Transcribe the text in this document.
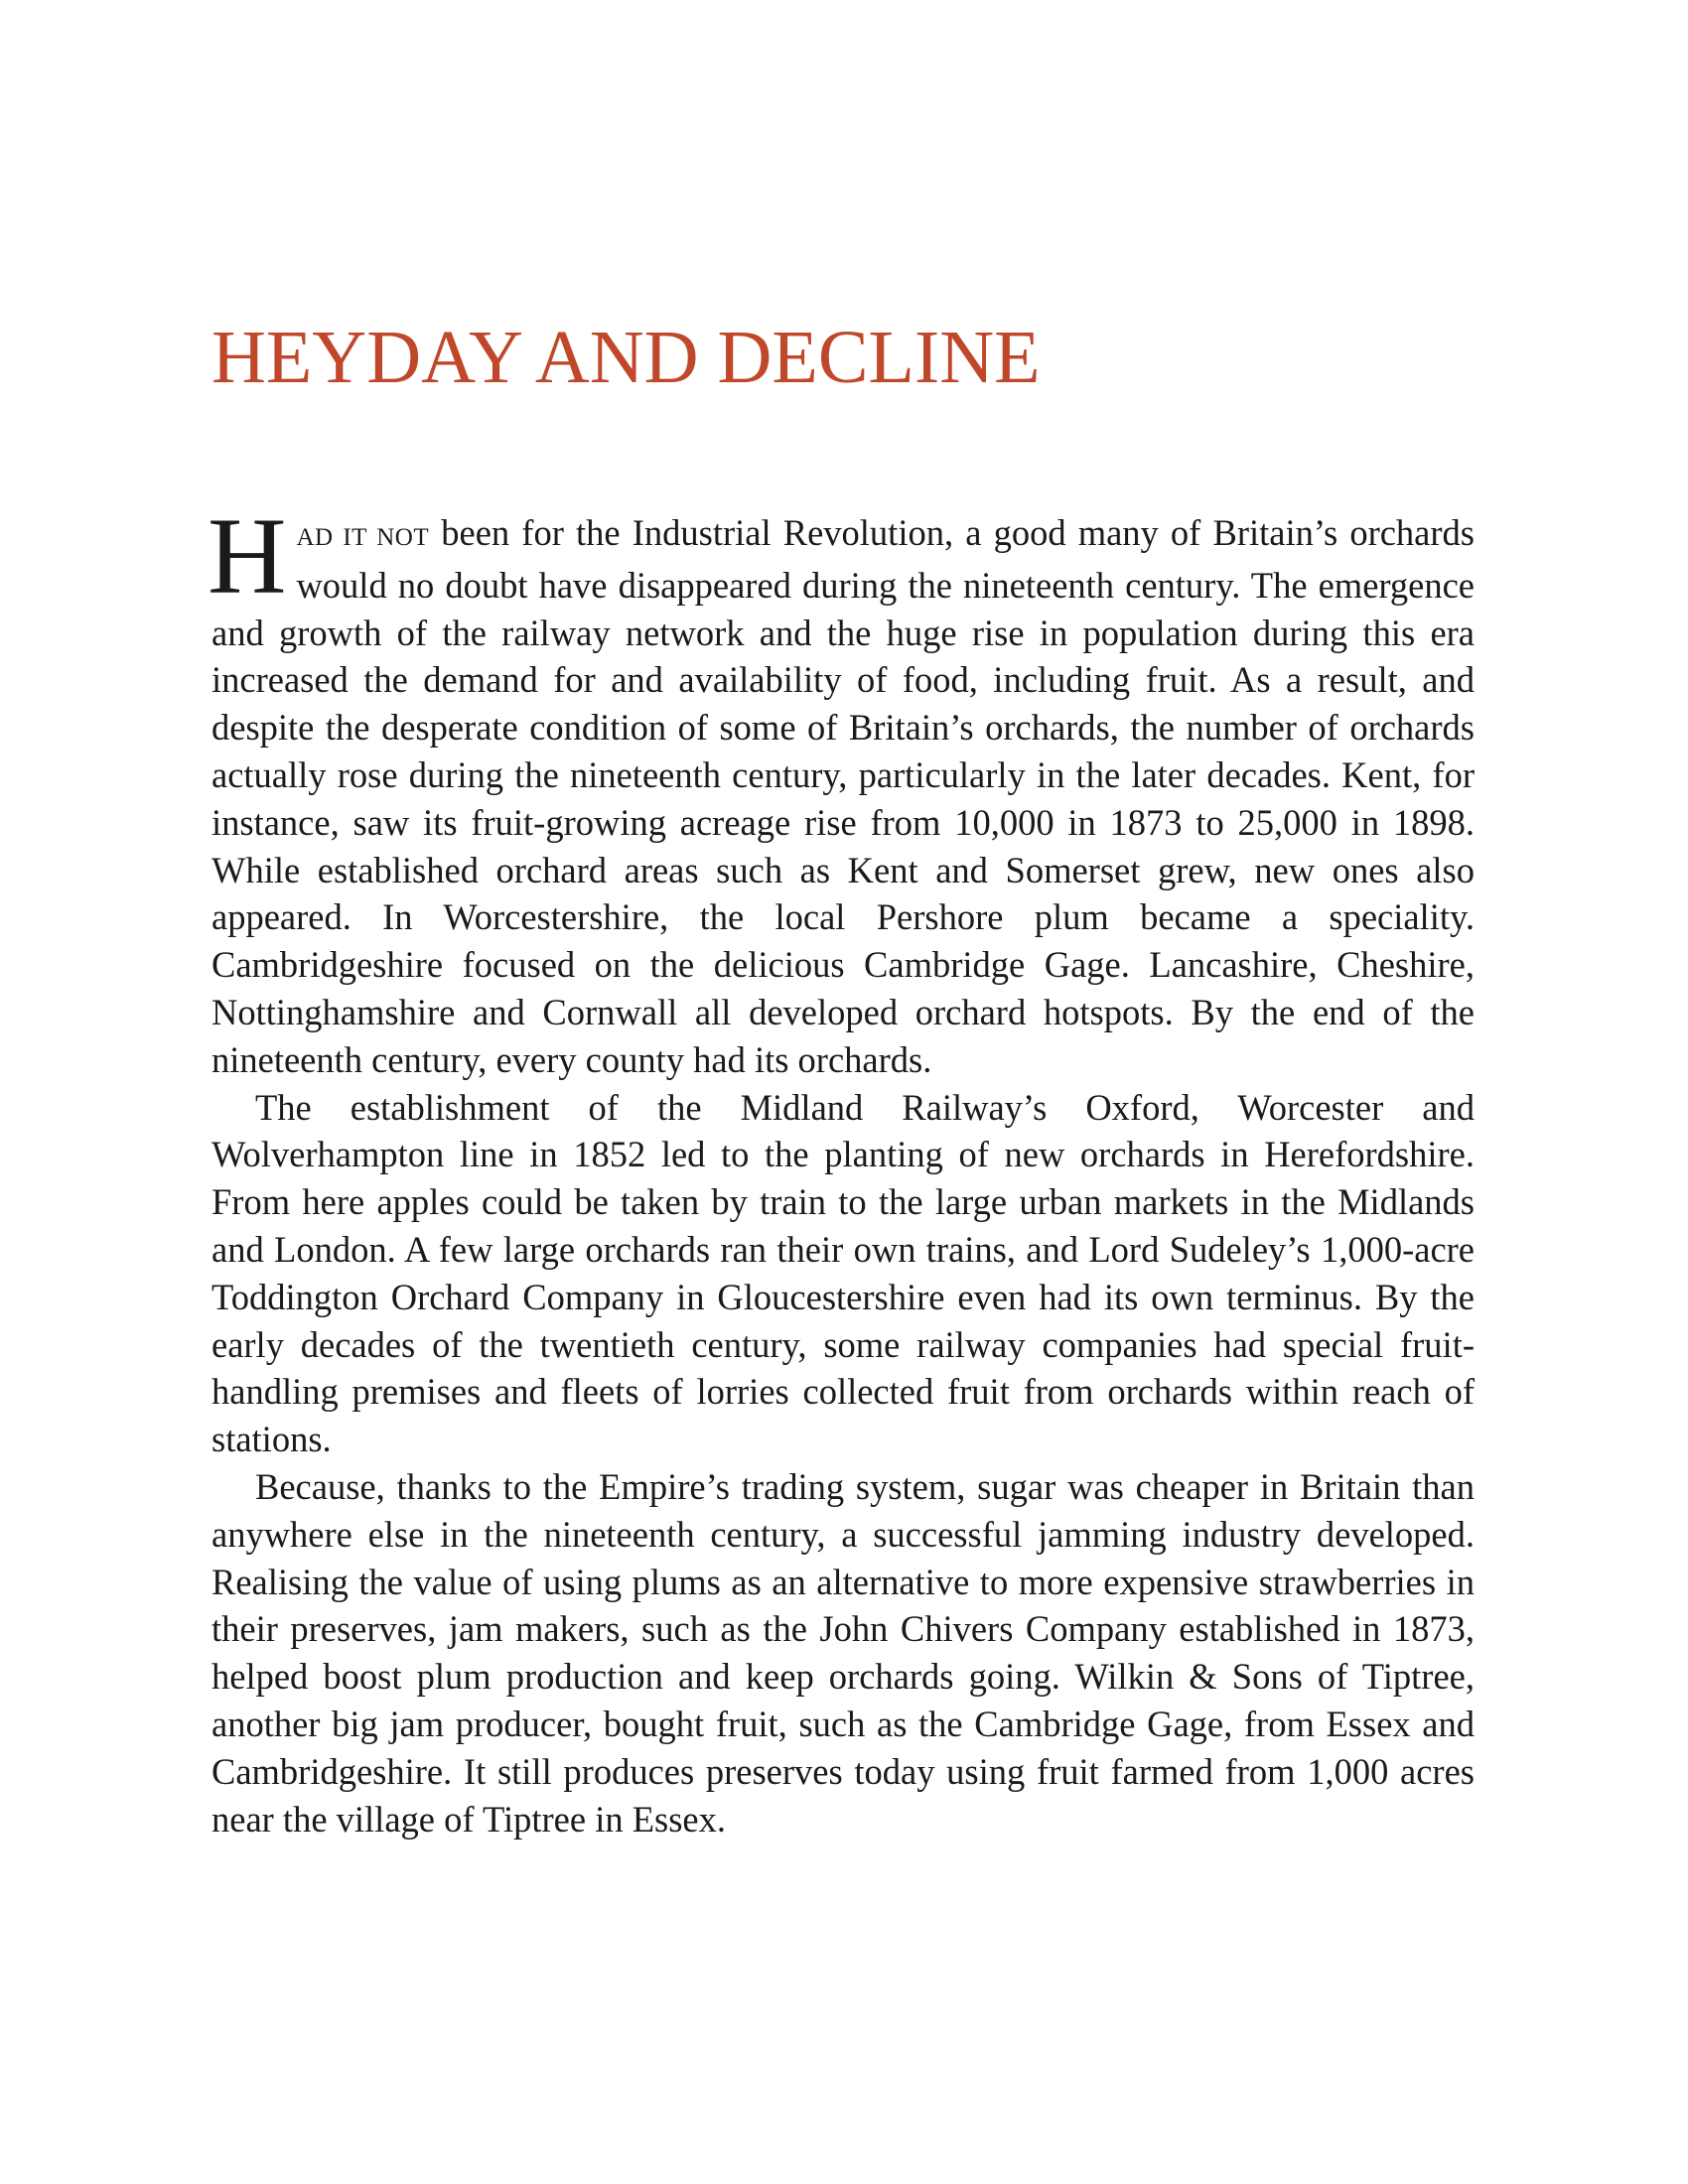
HEYDAY AND DECLINE

HAD IT NOT been for the Industrial Revolution, a good many of Britain’s orchards would no doubt have disappeared during the nineteenth century. The emergence and growth of the railway network and the huge rise in population during this era increased the demand for and availability of food, including fruit. As a result, and despite the desperate condition of some of Britain’s orchards, the number of orchards actually rose during the nineteenth century, particularly in the later decades. Kent, for instance, saw its fruit-growing acreage rise from 10,000 in 1873 to 25,000 in 1898. While established orchard areas such as Kent and Somerset grew, new ones also appeared. In Worcestershire, the local Pershore plum became a speciality. Cambridgeshire focused on the delicious Cambridge Gage. Lancashire, Cheshire, Nottinghamshire and Cornwall all developed orchard hotspots. By the end of the nineteenth century, every county had its orchards.

The establishment of the Midland Railway’s Oxford, Worcester and Wolverhampton line in 1852 led to the planting of new orchards in Herefordshire. From here apples could be taken by train to the large urban markets in the Midlands and London. A few large orchards ran their own trains, and Lord Sudeley’s 1,000-acre Toddington Orchard Company in Gloucestershire even had its own terminus. By the early decades of the twentieth century, some railway companies had special fruit-handling premises and fleets of lorries collected fruit from orchards within reach of stations.

Because, thanks to the Empire’s trading system, sugar was cheaper in Britain than anywhere else in the nineteenth century, a successful jamming industry developed. Realising the value of using plums as an alternative to more expensive strawberries in their preserves, jam makers, such as the John Chivers Company established in 1873, helped boost plum production and keep orchards going. Wilkin & Sons of Tiptree, another big jam producer, bought fruit, such as the Cambridge Gage, from Essex and Cambridgeshire. It still produces preserves today using fruit farmed from 1,000 acres near the village of Tiptree in Essex.
